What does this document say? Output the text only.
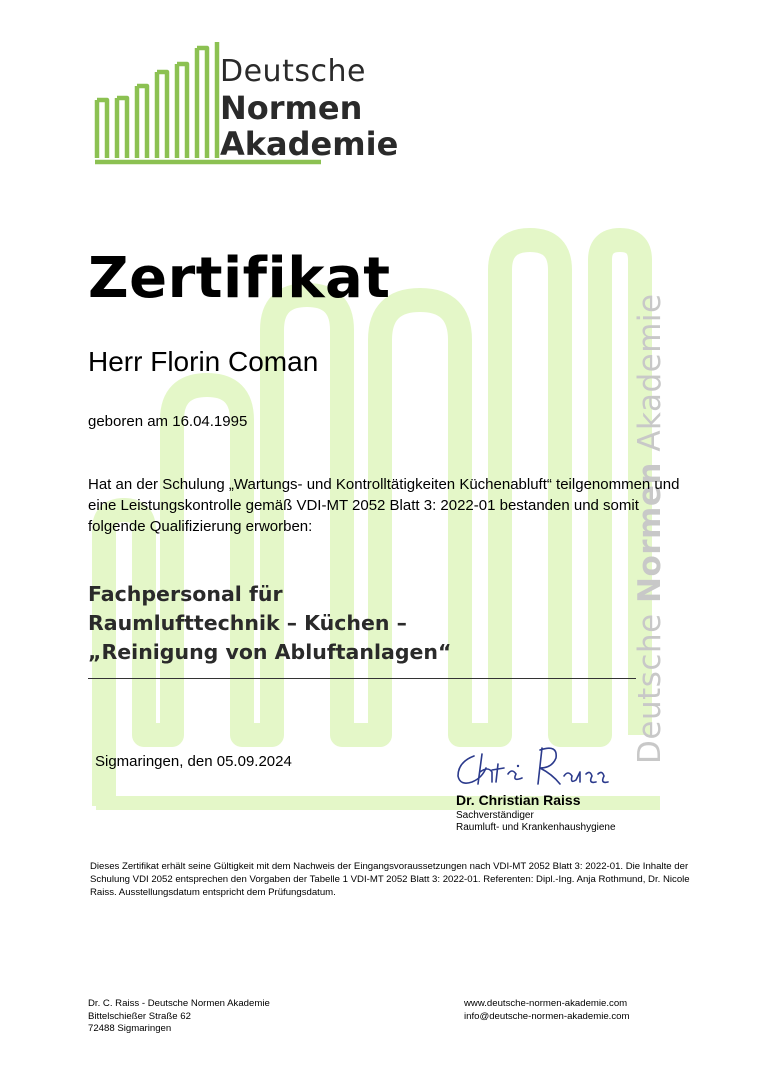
Deutsche Normen Akademie
Deutsche
Normen
Akademie
Zertifikat
Herr Florin Coman
geboren am 16.04.1995
Hat an der Schulung „Wartungs- und Kontrolltätigkeiten Küchenabluft“ teilgenommen und eine Leistungskontrolle gemäß VDI-MT 2052 Blatt 3: 2022-01 bestanden und somit folgende Qualifizierung erworben:
Fachpersonal für
Raumlufttechnik – Küchen –
„Reinigung von Abluftanlagen“
Sigmaringen, den 05.09.2024
Dr. Christian Raiss
Sachverständiger
Raumluft- und Krankenhaushygiene
Dieses Zertifikat erhält seine Gültigkeit mit dem Nachweis der Eingangsvoraussetzungen nach VDI-MT 2052 Blatt 3: 2022-01. Die Inhalte der Schulung VDI 2052 entsprechen den Vorgaben der Tabelle 1 VDI-MT 2052 Blatt 3: 2022-01. Referenten: Dipl.-Ing. Anja Rothmund, Dr. Nicole Raiss. Ausstellungsdatum entspricht dem Prüfungsdatum.
Dr. C. Raiss - Deutsche Normen Akademie
Bittelschießer Straße 62
72488 Sigmaringen
www.deutsche-normen-akademie.com
info@deutsche-normen-akademie.com
